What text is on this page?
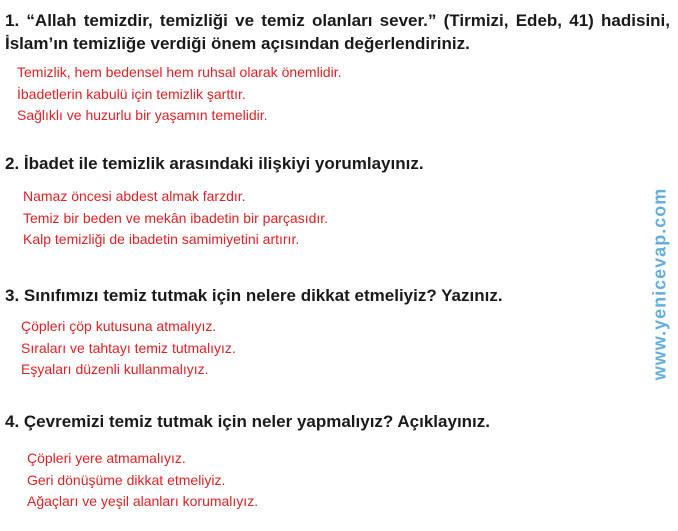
1. “Allah temizdir, temizliği ve temiz olanları sever.” (Tirmizi, Edeb, 41) hadisini, İslam’ın temizliğe verdiği önem açısından değerlendiriniz.

Temizlik, hem bedensel hem ruhsal olarak önemlidir.
İbadetlerin kabulü için temizlik şarttır.
Sağlıklı ve huzurlu bir yaşamın temelidir.

2. İbadet ile temizlik arasındaki ilişkiyi yorumlayınız.

Namaz öncesi abdest almak farzdır.
Temiz bir beden ve mekân ibadetin bir parçasıdır.
Kalp temizliği de ibadetin samimiyetini artırır.

3. Sınıfımızı temiz tutmak için nelere dikkat etmeliyiz? Yazınız.

Çöpleri çöp kutusuna atmalıyız.
Sıraları ve tahtayı temiz tutmalıyız.
Eşyaları düzenli kullanmalıyız.

4. Çevremizi temiz tutmak için neler yapmalıyız? Açıklayınız.

Çöpleri yere atmamalıyız.
Geri dönüşüme dikkat etmeliyiz.
Ağaçları ve yeşil alanları korumalıyız.
www.yenicevap.com
